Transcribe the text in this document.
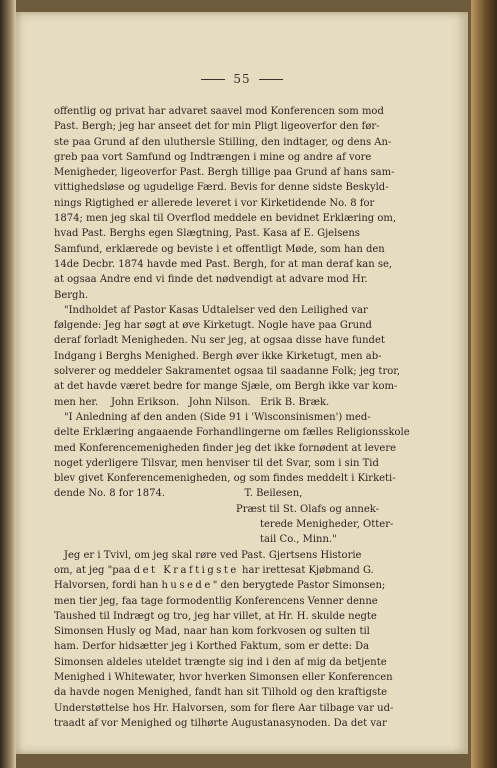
55
offentlig og privat har advaret saavel mod Konferencen som mod
Past. Bergh; jeg har anseet det for min Pligt ligeoverfor den før-
ste paa Grund af den uluthersle Stilling, den indtager, og dens An-
greb paa vort Samfund og Indtrængen i mine og andre af vore
Menigheder, ligeoverfor Past. Bergh tillige paa Grund af hans sam-
vittighedsløse og ugudelige Færd. Bevis for denne sidste Beskyld-
nings Rigtighed er allerede leveret i vor Kirketidende No. 8 for
1874; men jeg skal til Overflod meddele en bevidnet Erklæring om,
hvad Past. Berghs egen Slægtning, Past. Kasa af E. Gjelsens
Samfund, erklærede og beviste i et offentligt Møde, som han den
14de Decbr. 1874 havde med Past. Bergh, for at man deraf kan se,
at ogsaa Andre end vi finde det nødvendigt at advare mod Hr.
Bergh.
"Indholdet af Pastor Kasas Udtalelser ved den Leilighed var
følgende: Jeg har søgt at øve Kirketugt. Nogle have paa Grund
deraf forladt Menigheden. Nu ser jeg, at ogsaa disse have fundet
Indgang i Berghs Menighed. Bergh øver ikke Kirketugt, men ab-
solverer og meddeler Sakramentet ogsaa til saadanne Folk; jeg tror,
at det havde været bedre for mange Sjæle, om Bergh ikke var kom-
men her.    John Erikson.   John Nilson.   Erik B. Bræk.
"I Anledning af den anden (Side 91 i 'Wisconsinismen') med-
delte Erklæring angaaende Forhandlingerne om fælles Religionsskole
med Konferencemenigheden finder jeg det ikke fornødent at levere
noget yderligere Tilsvar, men henviser til det Svar, som i sin Tid
blev givet Konferencemenigheden, og som findes meddelt i Kirketi-
dende No. 8 for 1874.                         T. Beilesen,
Præst til St. Olafs og annek-
terede Menigheder, Otter-
tail Co., Minn."
Jeg er i Tvivl, om jeg skal røre ved Past. Gjertsens Historie
om, at jeg "paa det Kraftigste har irettesat Kjøbmand G.
Halvorsen, fordi han husede" den berygtede Pastor Simonsen;
men tier jeg, faa tage formodentlig Konferencens Venner denne
Taushed til Indrægt og tro, jeg har villet, at Hr. H. skulde negte
Simonsen Husly og Mad, naar han kom forkvosen og sulten til
ham. Derfor hidsætter jeg i Korthed Faktum, som er dette: Da
Simonsen aldeles uteldet trængte sig ind i den af mig da betjente
Menighed i Whitewater, hvor hverken Simonsen eller Konferencen
da havde nogen Menighed, fandt han sit Tilhold og den kraftigste
Understøttelse hos Hr. Halvorsen, som for flere Aar tilbage var ud-
traadt af vor Menighed og tilhørte Augustanasynoden. Da det var
